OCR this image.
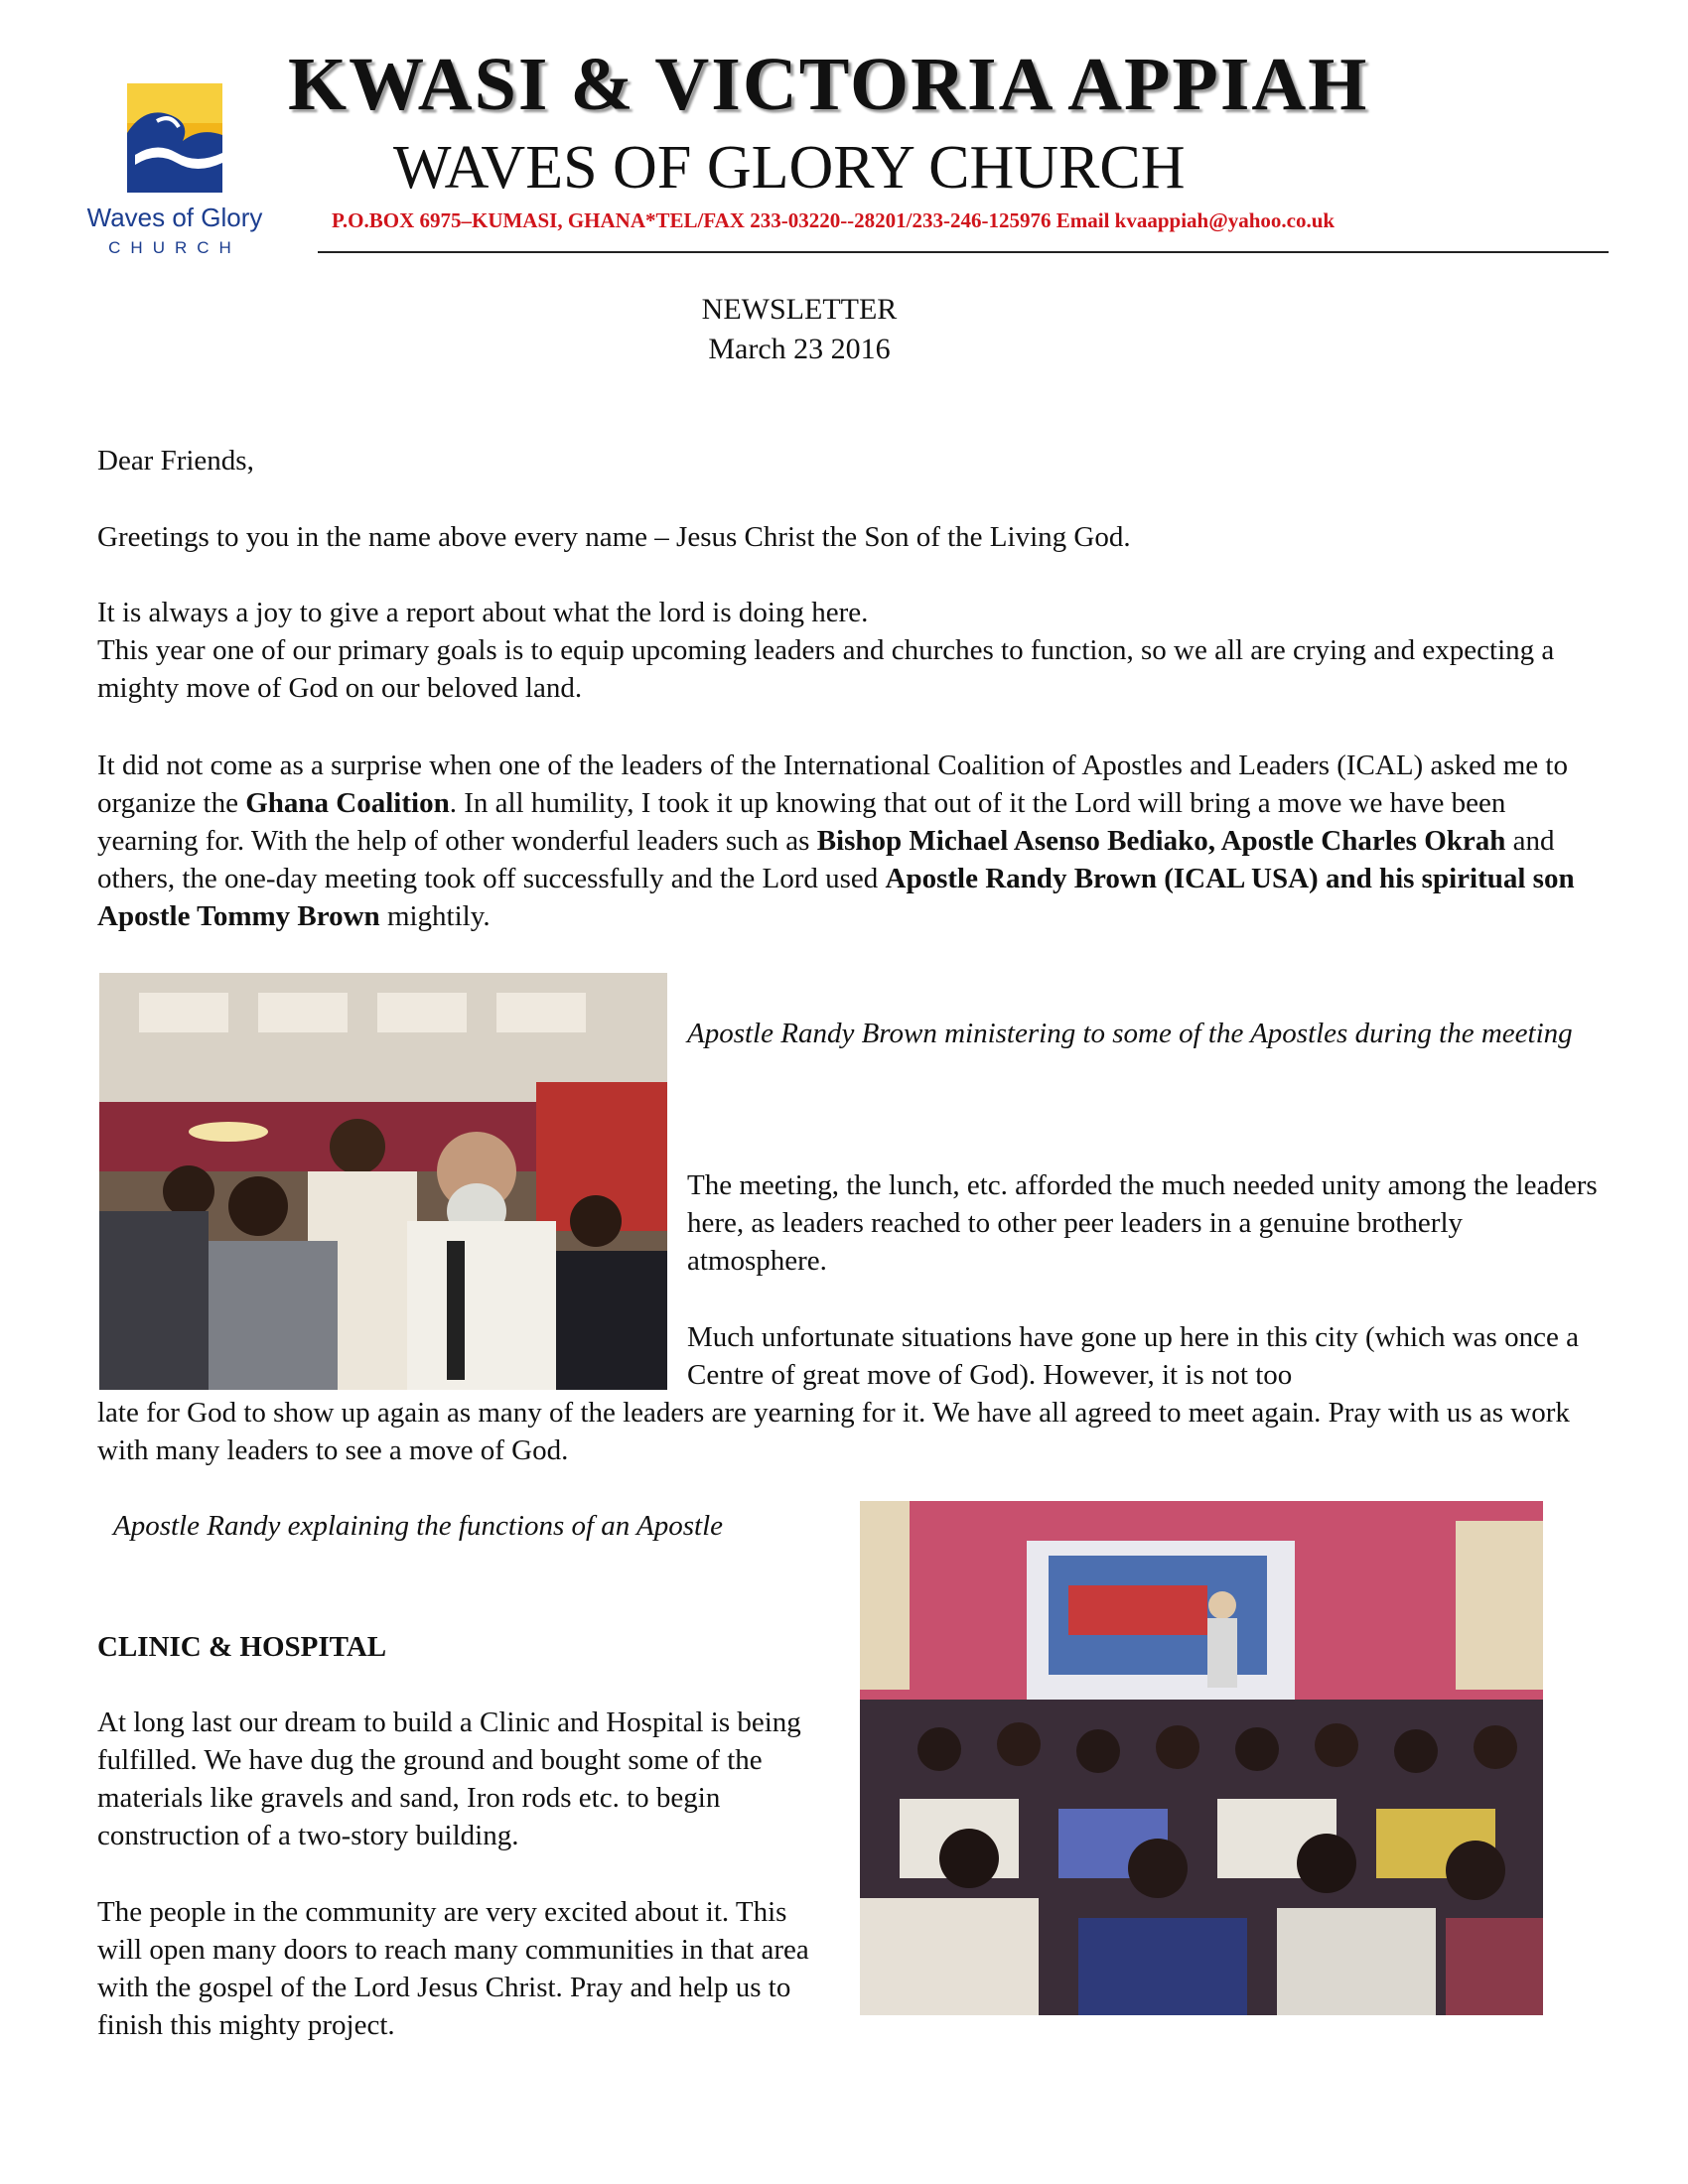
Waves of Glory
CHURCH
KWASI & VICTORIA APPIAH
WAVES OF GLORY CHURCH
P.O.BOX 6975–KUMASI, GHANA*TEL/FAX 233-03220--28201/233-246-125976 Email kvaappiah@yahoo.co.uk
NEWSLETTER
March 23 2016

Dear Friends,

Greetings to you in the name above every name – Jesus Christ the Son of the Living God.

It is always a joy to give a report about what the lord is doing here.

This year one of our primary goals is to equip upcoming leaders and churches to function, so we all are crying and expecting a mighty move of God on our beloved land.

It did not come as a surprise when one of the leaders of the International Coalition of Apostles and Leaders (ICAL) asked me to organize the Ghana Coalition. In all humility, I took it up knowing that out of it the Lord will bring a move we have been yearning for. With the help of other wonderful leaders such as Bishop Michael Asenso Bediako, Apostle Charles Okrah and others, the one-day meeting took off successfully and the Lord used Apostle Randy Brown (ICAL USA) and his spiritual son Apostle Tommy Brown mightily.

Apostle Randy Brown ministering to some of the Apostles during the meeting

The meeting, the lunch, etc. afforded the much needed unity among the leaders here, as leaders reached to other peer leaders in a genuine brotherly atmosphere.

Much unfortunate situations have gone up here in this city (which was once a Centre of great move of God). However, it is not too

late for God to show up again as many of the leaders are yearning for it. We have all agreed to meet again. Pray with us as work with many leaders to see a move of God.

Apostle Randy explaining the functions of an Apostle

CLINIC & HOSPITAL

At long last our dream to build a Clinic and Hospital is being fulfilled. We have dug the ground and bought some of the materials like gravels and sand, Iron rods etc. to begin construction of a two-story building.

The people in the community are very excited about it. This will open many doors to reach many communities in that area with the gospel of the Lord Jesus Christ. Pray and help us to finish this mighty project.
